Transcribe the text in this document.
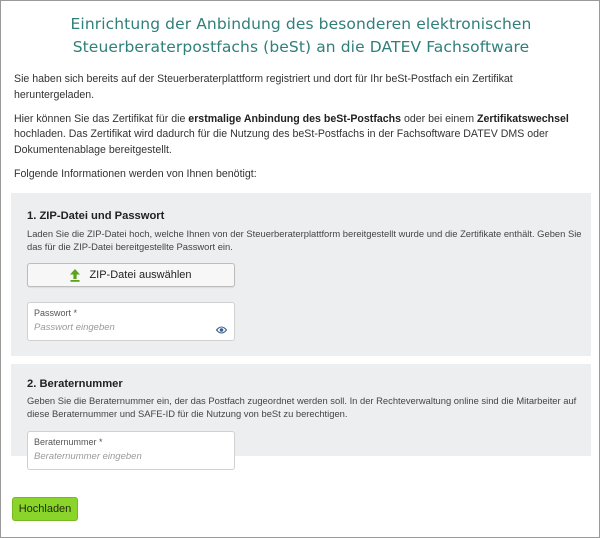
Einrichtung der Anbindung des besonderen elektronischen
Steuerberaterpostfachs (beSt) an die DATEV Fachsoftware

Sie haben sich bereits auf der Steuerberaterplattform registriert und dort für Ihr beSt-Postfach ein Zertifikat heruntergeladen.

Hier können Sie das Zertifikat für die erstmalige Anbindung des beSt-Postfachs oder bei einem Zertifikatswechsel hochladen. Das Zertifikat wird dadurch für die Nutzung des beSt-Postfachs in der Fachsoftware DATEV DMS oder Dokumentenablage bereitgestellt.

Folgende Informationen werden von Ihnen benötigt:

1. ZIP-Datei und Passwort
Laden Sie die ZIP-Datei hoch, welche Ihnen von der Steuerberaterplattform bereitgestellt wurde und die Zertifikate enthält. Geben Sie das für die ZIP-Datei bereitgestellte Passwort ein.
ZIP-Datei auswählen
Passwort *
2. Beraternummer
Geben Sie die Beraternummer ein, der das Postfach zugeordnet werden soll. In der Rechteverwaltung online sind die Mitarbeiter auf diese Beraternummer und SAFE-ID für die Nutzung von beSt zu berechtigen.
Beraternummer *
Beraternummer eingeben
Hochladen
